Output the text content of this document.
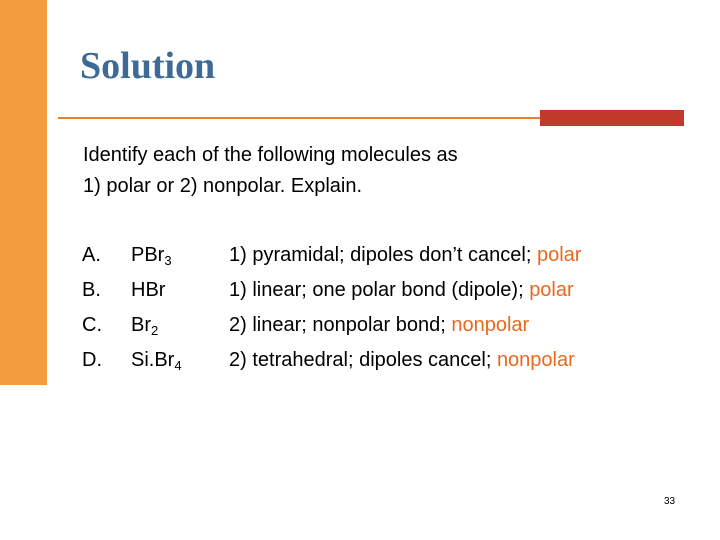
Solution
Identify each of the following molecules as
1) polar or 2) nonpolar. Explain.
A. PBr$_3$	1) pyramidal; dipoles don’t cancel; polar
B. HBr	1) linear; one polar bond (dipole); polar
C. $Br_2$	2) linear; nonpolar bond; nonpolar
D. $Si.Br_4$ 2) tetrahedral; dipoles cancel; nonpolar
33
